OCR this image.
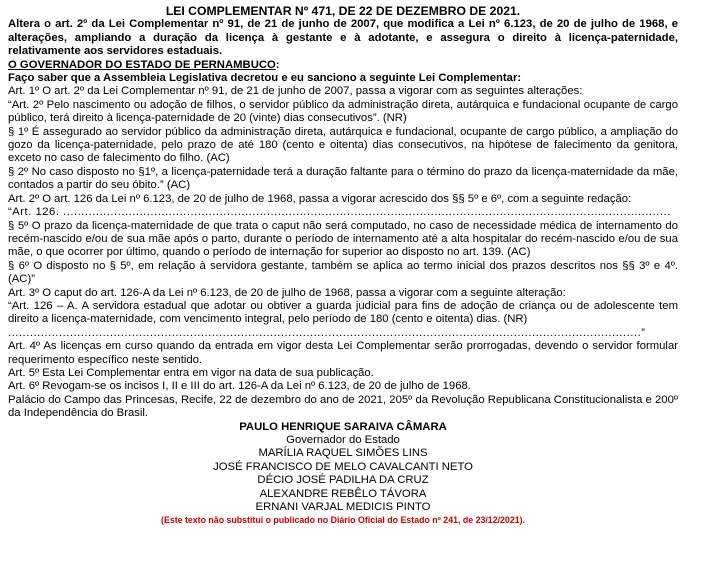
LEI COMPLEMENTAR Nº 471, DE 22 DE DEZEMBRO DE 2021.

Altera o art. 2º da Lei Complementar nº 91, de 21 de junho de 2007, que modifica a Lei nº 6.123, de 20 de julho de 1968, e alterações, ampliando a duração da licença à gestante e à adotante, e assegura o direito à licença-paternidade, relativamente aos servidores estaduais.

O GOVERNADOR DO ESTADO DE PERNAMBUCO:

Faço saber que a Assembleia Legislativa decretou e eu sanciono a seguinte Lei Complementar:

Art. 1º O art. 2º da Lei Complementar nº 91, de 21 de junho de 2007, passa a vigorar com as seguintes alterações:

“Art. 2º Pelo nascimento ou adoção de filhos, o servidor público da administração direta, autárquica e fundacional ocupante de cargo público, terá direito à licença-paternidade de 20 (vinte) dias consecutivos”. (NR)

§ 1º É assegurado ao servidor público da administração direta, autárquica e fundacional, ocupante de cargo público, a ampliação do gozo da licença-paternidade, pelo prazo de até 180 (cento e oitenta) dias consecutivos, na hipótese de falecimento da genitora, exceto no caso de falecimento do filho. (AC)

§ 2º No caso disposto no §1º, a licença-paternidade terá a duração faltante para o término do prazo da licença-maternidade da mãe, contados a partir do seu óbito.” (AC)

Art. 2º O art. 126 da Lei nº 6.123, de 20 de julho de 1968, passa a vigorar acrescido dos §§ 5º e 6º, com a seguinte redação:

“Art. 126. .......................................................................................................................................................................

§ 5º O prazo da licença-maternidade de que trata o caput não será computado, no caso de necessidade médica de internamento do recém-nascido e/ou de sua mãe após o parto, durante o período de internamento até a alta hospitalar do recém-nascido e/ou de sua mãe, o que ocorrer por último, quando o período de internação for superior ao disposto no art. 139. (AC)

§ 6º O disposto no § 5º, em relação à servidora gestante, também se aplica ao termo inicial dos prazos descritos nos §§ 3º e 4º. (AC)”

Art. 3º O caput do art. 126-A da Lei nº 6.123, de 20 de julho de 1968, passa a vigorar com a seguinte alteração:

“Art. 126 – A. A servidora estadual que adotar ou obtiver a guarda judicial para fins de adoção de criança ou de adolescente tem direito a licença-maternidade, com vencimento integral, pelo período de 180 (cento e oitenta) dias. (NR)

..............................................................................................................................................................................”

Art. 4º As licenças em curso quando da entrada em vigor desta Lei Complementar serão prorrogadas, devendo o servidor formular requerimento específico neste sentido.

Art. 5º Esta Lei Complementar entra em vigor na data de sua publicação.

Art. 6º Revogam-se os incisos I, II e III do art. 126-A da Lei nº 6.123, de 20 de julho de 1968.

Palácio do Campo das Princesas, Recife, 22 de dezembro do ano de 2021, 205º da Revolução Republicana Constitucionalista e 200º da Independência do Brasil.

PAULO HENRIQUE SARAIVA CÂMARA
Governador do Estado
MARÍLIA RAQUEL SIMÕES LINS
JOSÉ FRANCISCO DE MELO CAVALCANTI NETO
DÉCIO JOSÉ PADILHA DA CRUZ
ALEXANDRE REBÊLO TÁVORA
ERNANI VARJAL MEDICIS PINTO

(Este texto não substitui o publicado no Diário Oficial do Estado nº 241, de 23/12/2021).
